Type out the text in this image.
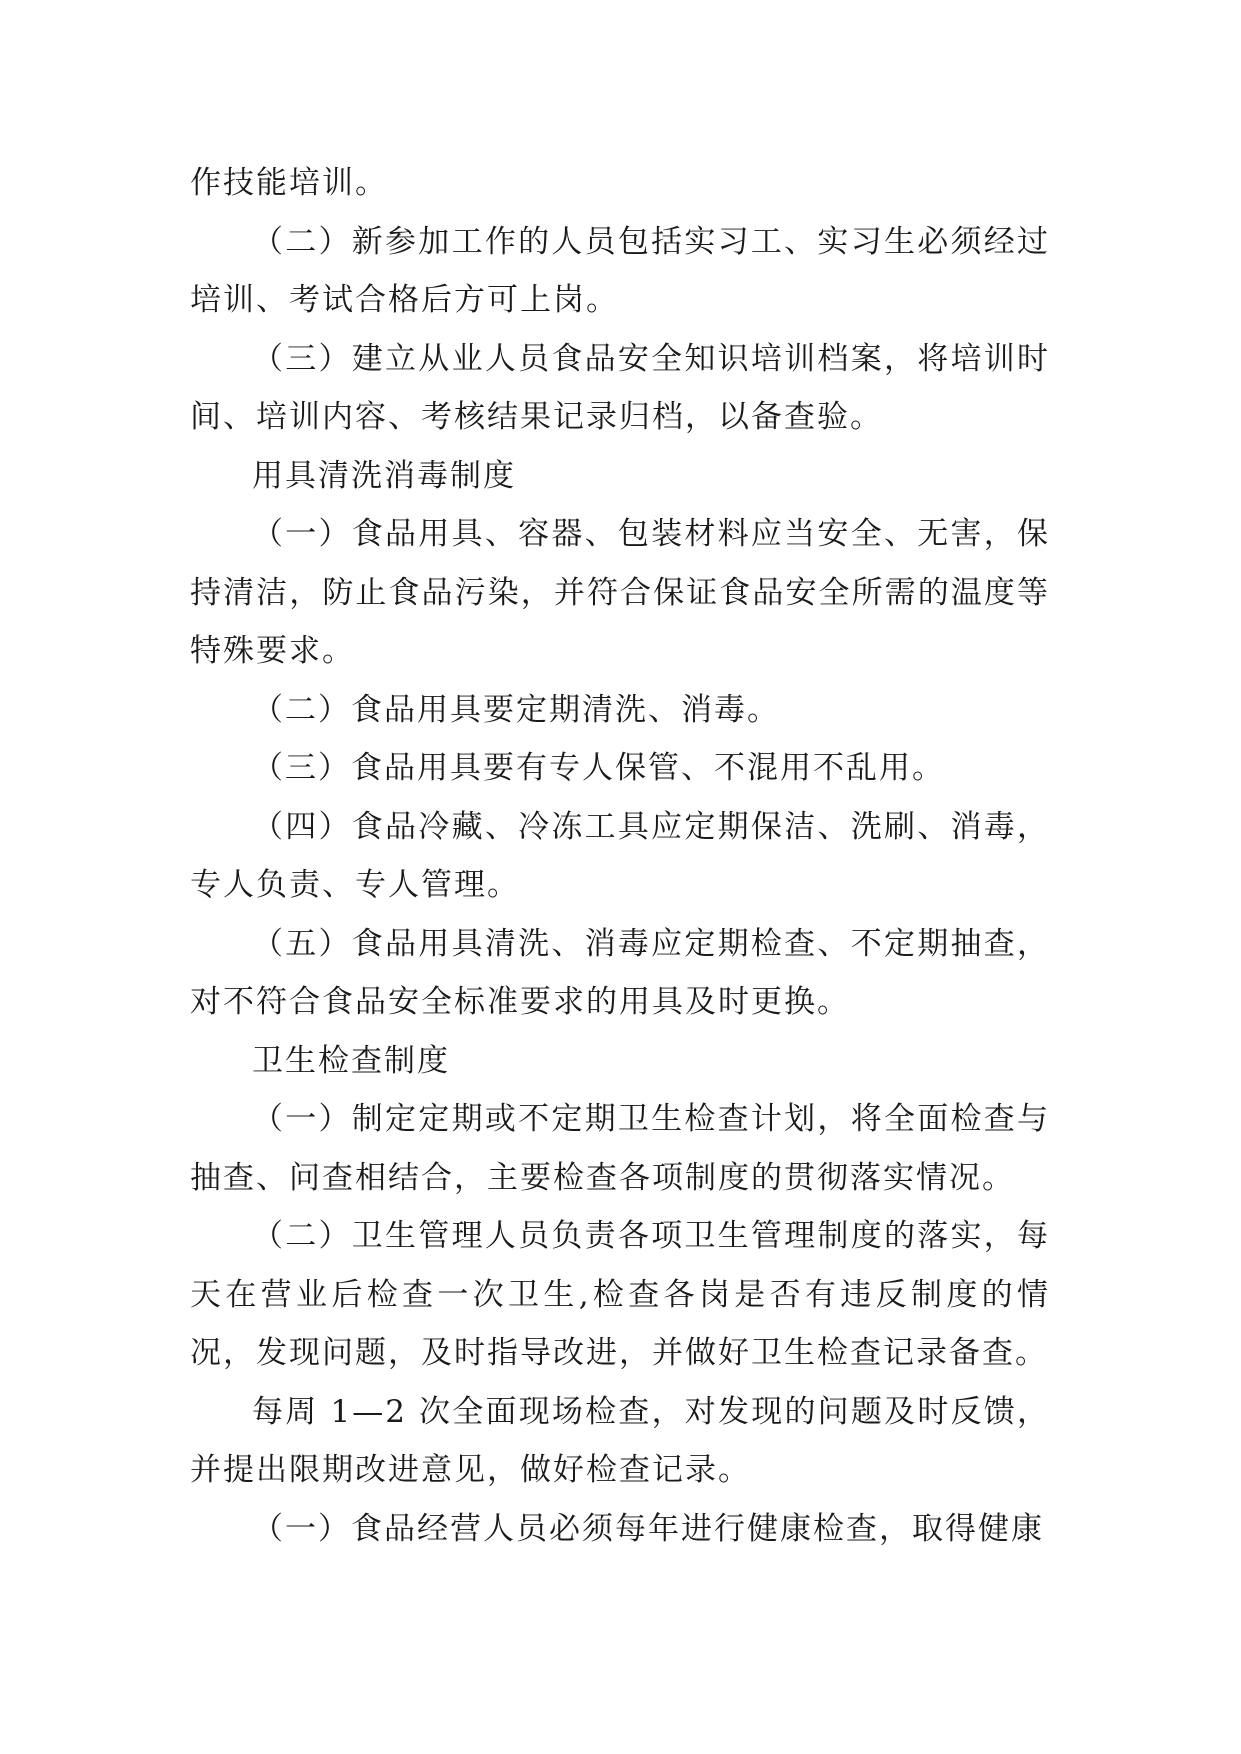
作技能培训。

（二）新参加工作的人员包括实习工、实习生必须经过培训、考试合格后方可上岗。

（三）建立从业人员食品安全知识培训档案，将培训时间、培训内容、考核结果记录归档，以备查验。

用具清洗消毒制度

（一）食品用具、容器、包装材料应当安全、无害，保持清洁，防止食品污染，并符合保证食品安全所需的温度等特殊要求。

（二）食品用具要定期清洗、消毒。

（三）食品用具要有专人保管、不混用不乱用。

（四）食品冷藏、冷冻工具应定期保洁、洗刷、消毒，专人负责、专人管理。

（五）食品用具清洗、消毒应定期检查、不定期抽查，对不符合食品安全标准要求的用具及时更换。

卫生检查制度

（一）制定定期或不定期卫生检查计划，将全面检查与抽查、问查相结合，主要检查各项制度的贯彻落实情况。

（二）卫生管理人员负责各项卫生管理制度的落实，每天在营业后检查一次卫生,检查各岗是否有违反制度的情况，发现问题，及时指导改进，并做好卫生检查记录备查。

每周 1—2 次全面现场检查，对发现的问题及时反馈，并提出限期改进意见，做好检查记录。

（一）食品经营人员必须每年进行健康检查，取得健康
